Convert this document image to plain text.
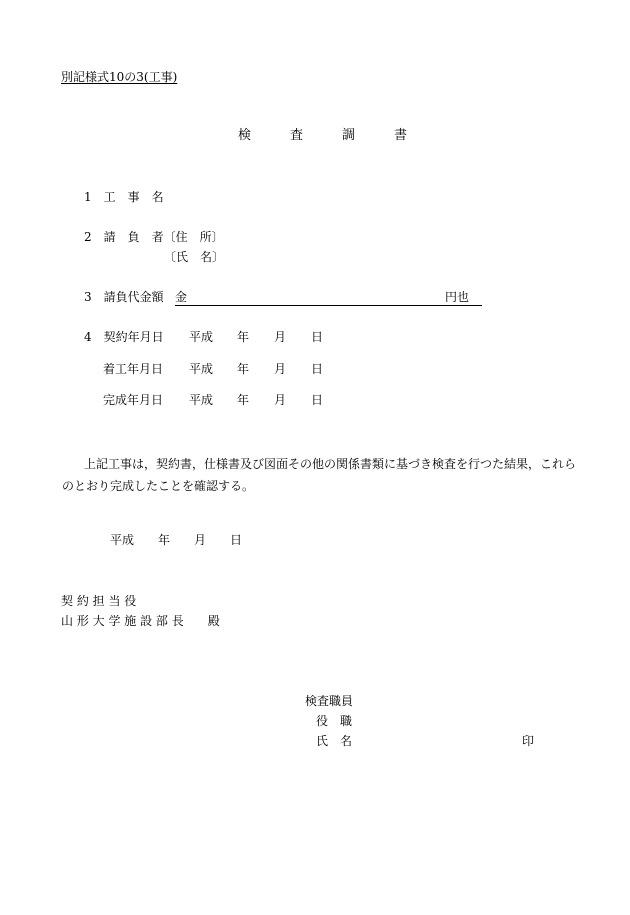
別記様式10の3(工事)
検　　　査　　　調　　　書
1　工　事　名
2　請　負　者〔住　所〕
〔氏　名〕
3　請負代金額 金	円也
4　契約年月日 平成 年 月 日
着工年月日 平成 年 月 日
完成年月日 平成 年 月 日
上記工事は，契約書，仕様書及び図面その他の関係書類に基づき検査を行つた結果，これらのとおり完成したことを確認する。
平成　　年　　月　　日
契 約 担 当 役
山 形 大 学 施 設 部 長　　殿
検査職員
役　職
氏　名	印
